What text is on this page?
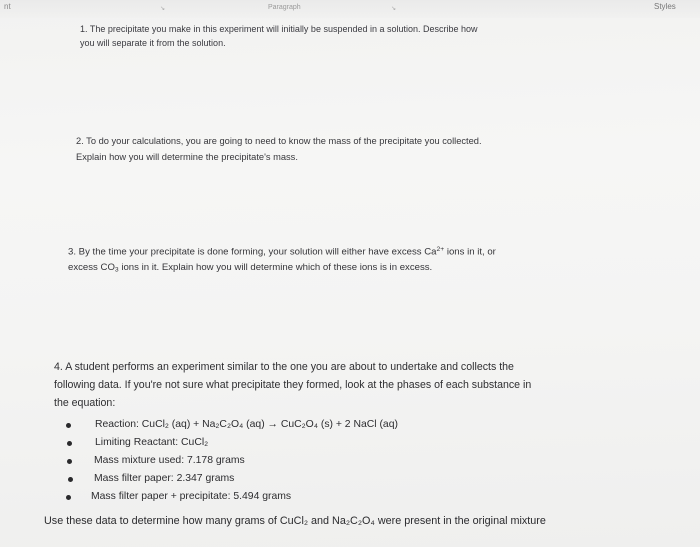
nt	↘	Paragraph	↘	Styles
1. The precipitate you make in this experiment will initially be suspended in a solution. Describe how
you will separate it from the solution.
2. To do your calculations, you are going to need to know the mass of the precipitate you collected.
Explain how you will determine the precipitate's mass.
3. By the time your precipitate is done forming, your solution will either have excess $Ca^{2+}$ ions in it, or
excess $CO_3$ ions in it. Explain how you will determine which of these ions is in excess.
4. A student performs an experiment similar to the one you are about to undertake and collects the
following data. If you're not sure what precipitate they formed, look at the phases of each substance in
the equation:
Reaction: CuCl₂ (aq) + Na₂C₂O₄ (aq) → CuC₂O₄ (s) + 2 NaCl (aq)
Limiting Reactant: CuCl₂
Mass mixture used: 7.178 grams
Mass filter paper: 2.347 grams
Mass filter paper + precipitate: 5.494 grams

Use these data to determine how many grams of CuCl₂ and Na₂C₂O₄ were present in the original mixture
